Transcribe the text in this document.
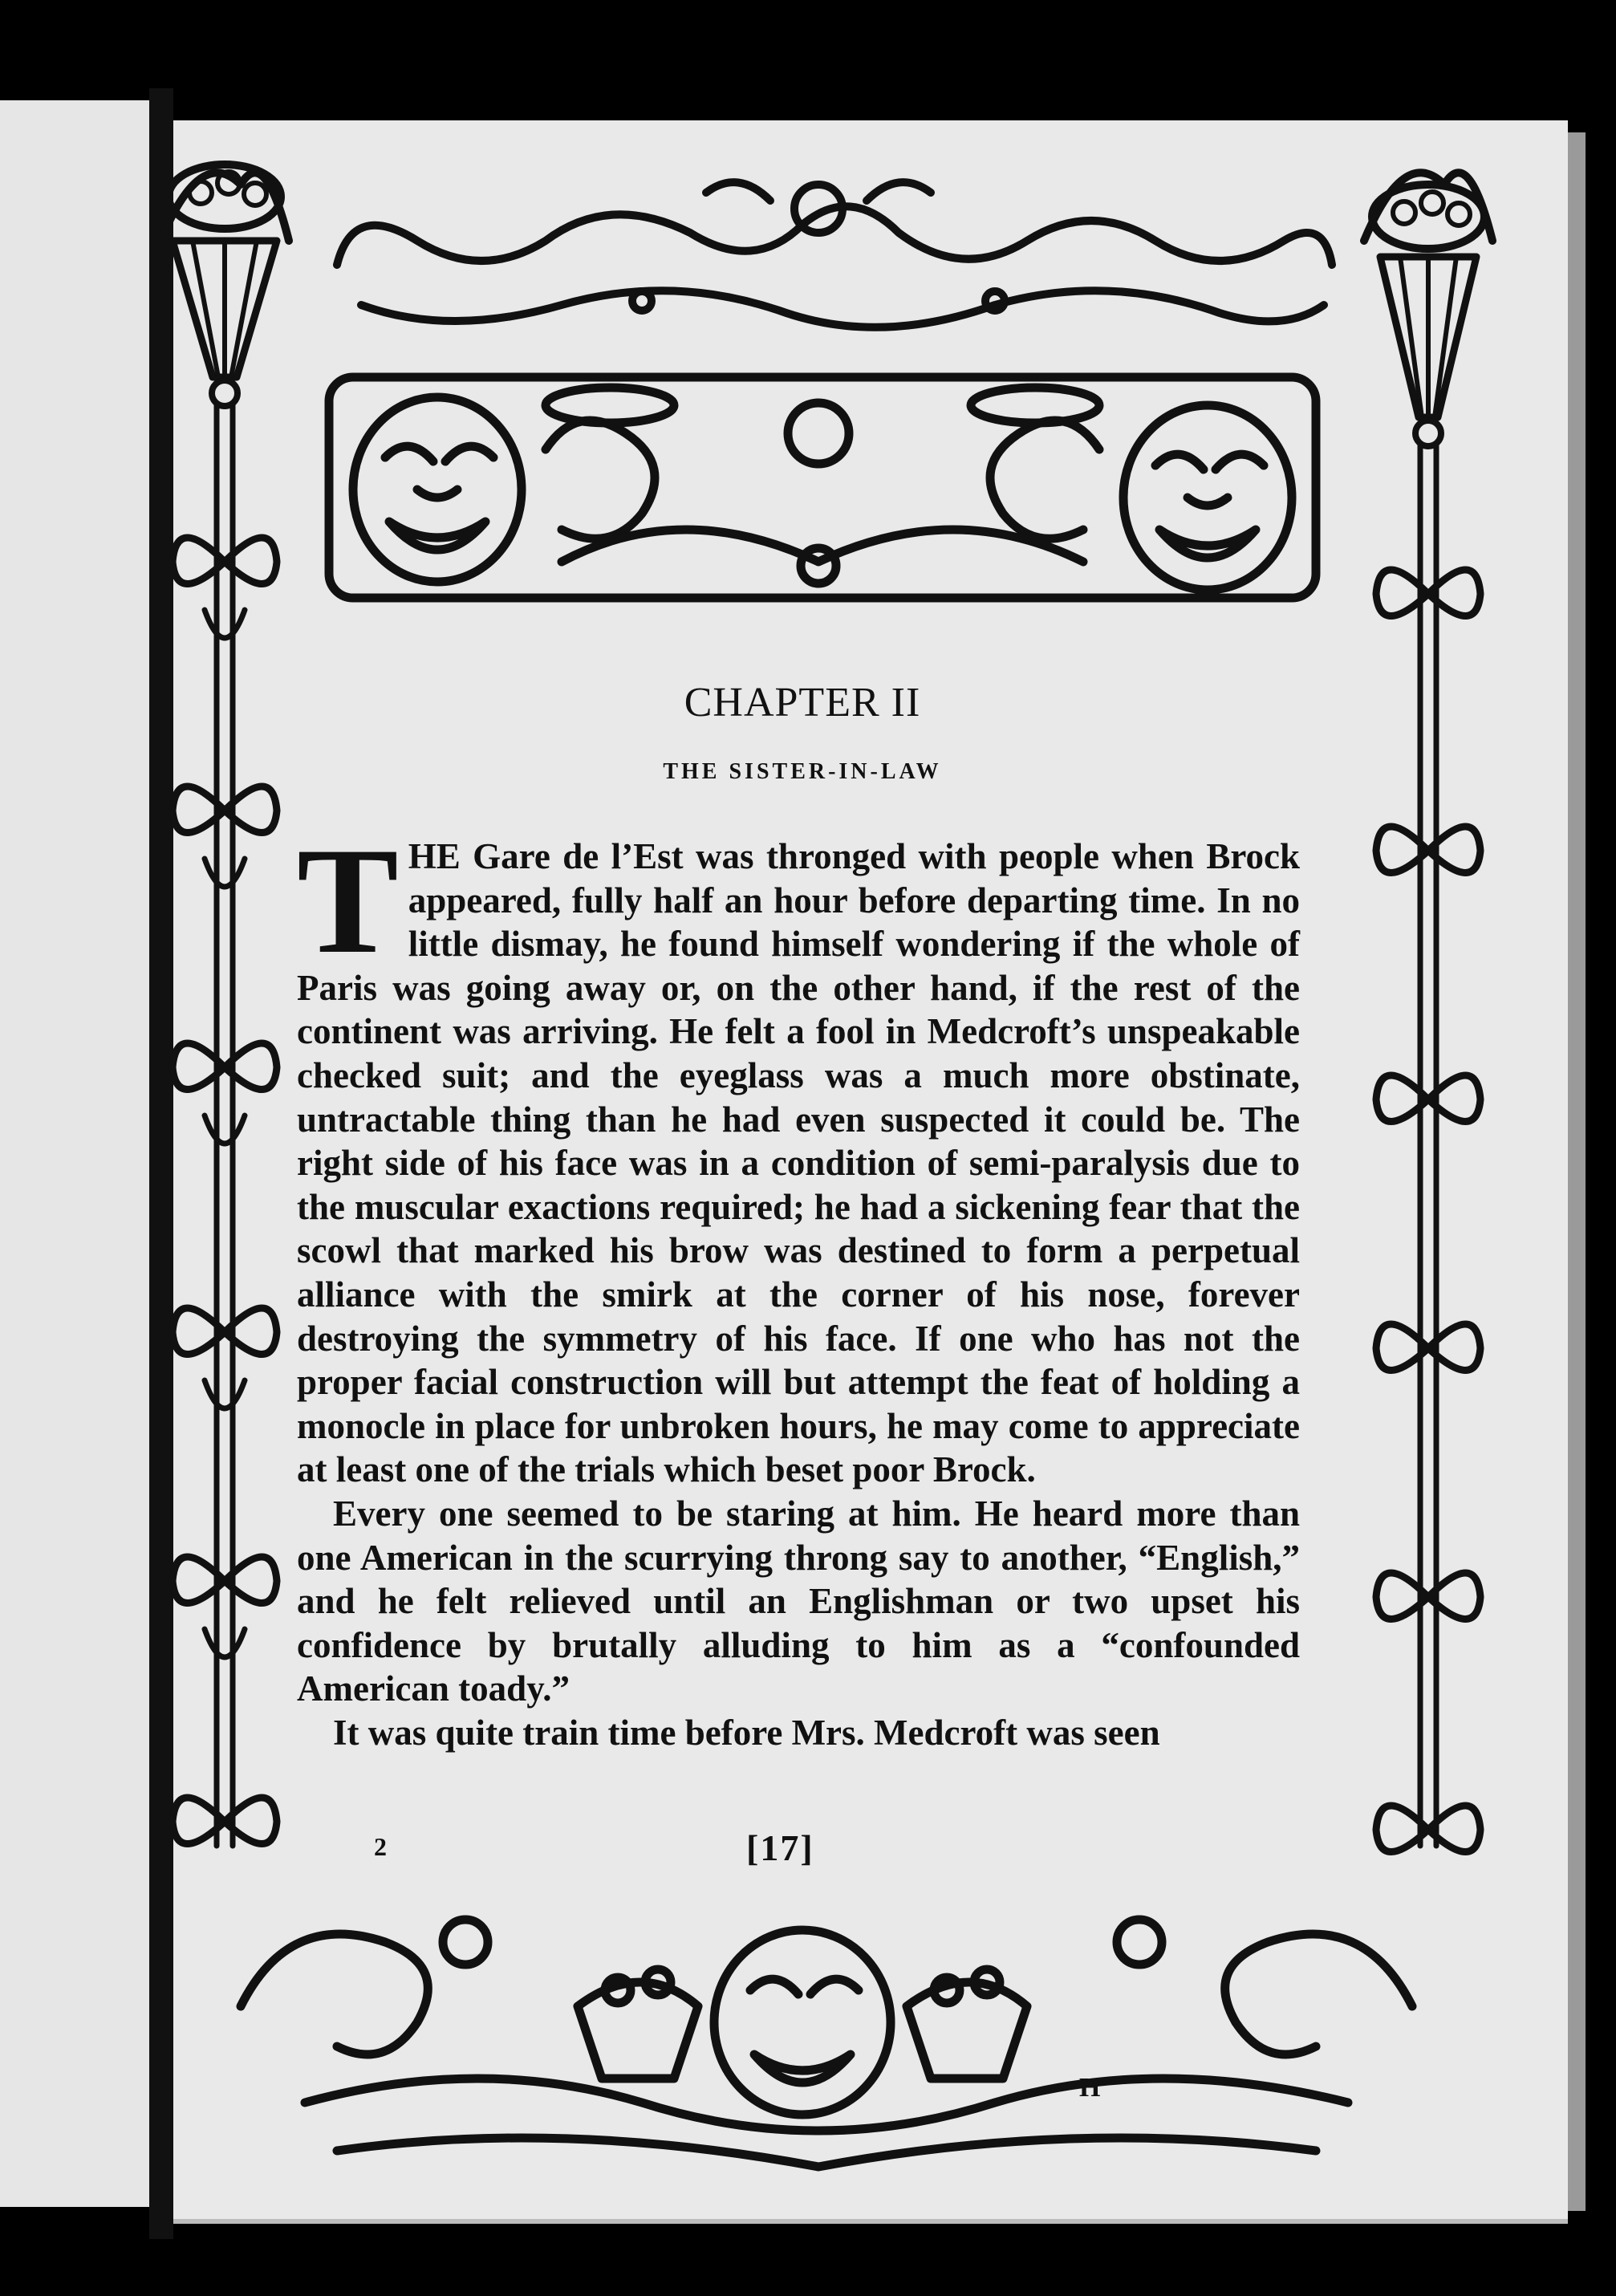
CHAPTER II
THE SISTER-IN-LAW

THE Gare de l’Est was thronged with people when Brock appeared, fully half an hour before departing time. In no little dismay, he found himself wondering if the whole of Paris was going away or, on the other hand, if the rest of the continent was arriving. He felt a fool in Medcroft’s unspeakable checked suit; and the eyeglass was a much more obstinate, untractable thing than he had even suspected it could be. The right side of his face was in a condition of semi-paralysis due to the muscular exactions required; he had a sickening fear that the scowl that marked his brow was destined to form a perpetual alliance with the smirk at the corner of his nose, forever destroying the symmetry of his face. If one who has not the proper facial construction will but attempt the feat of holding a monocle in place for unbroken hours, he may come to appreciate at least one of the trials which beset poor Brock.

Every one seemed to be staring at him. He heard more than one American in the scurrying throng say to another, “English,” and he felt relieved until an Englishman or two upset his confidence by brutally alluding to him as a “confounded American toady.”

It was quite train time before Mrs. Medcroft was seen

2	[17]
H
